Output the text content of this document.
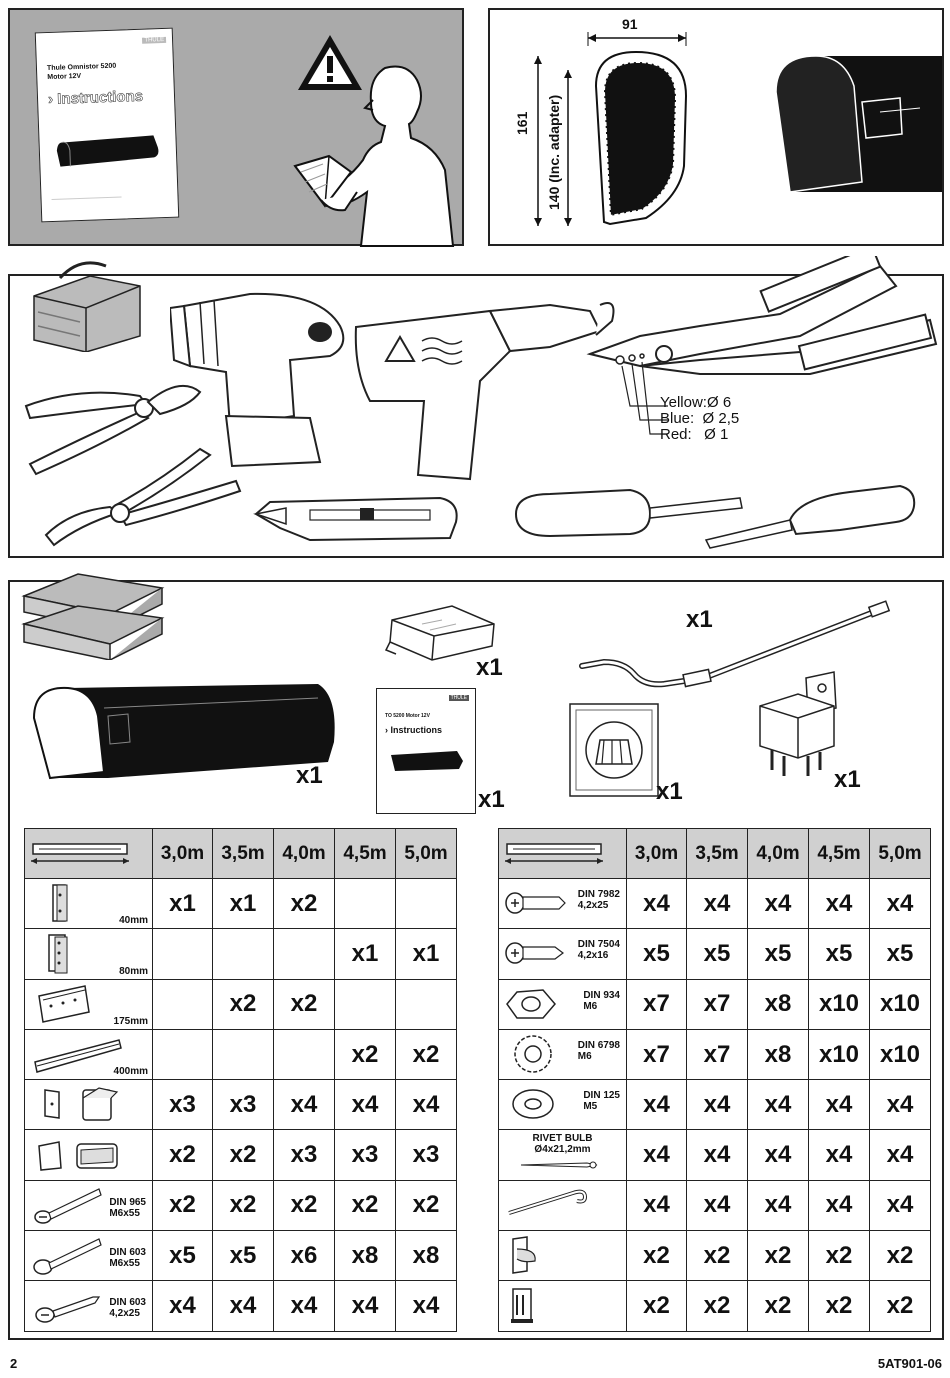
THULE
Thule Omnistor 5200
Motor 12V
› Instructions
91
161 140 (Inc. adapter)
Yellow:Ø 6
Blue:  Ø 2,5
Red:   Ø 1
x1
x1
THULE
TO 5200 Motor 12V
› Instructions
x1
x1
x1	x1
	3,0m	3,5m	4,0m	4,5m	5,0m

40mm	x1	x1	x2		

80mm				x1	x1

175mm		x2	x2		

400mm				x2	x2

	x3	x3	x4	x4	x4

	x2	x2	x3	x3	x3

DIN 965
M6x55	x2	x2	x2	x2	x2

DIN 603
M6x55	x5	x5	x6	x8	x8

DIN 603
4,2x25	x4	x4	x4	x4	x4
	3,0m	3,5m	4,0m	4,5m	5,0m

DIN 7982
4,2x25	x4	x4	x4	x4	x4

DIN 7504
4,2x16	x5	x5	x5	x5	x5

DIN 934
M6	x7	x7	x8	x10	x10

DIN 6798
M6	x7	x7	x8	x10	x10

DIN 125
M5	x4	x4	x4	x4	x4

RIVET BULB
Ø4x21,2mm	x4	x4	x4	x4	x4

	x4	x4	x4	x4	x4

	x2	x2	x2	x2	x2

	x2	x2	x2	x2	x2
2	5AT901-06
